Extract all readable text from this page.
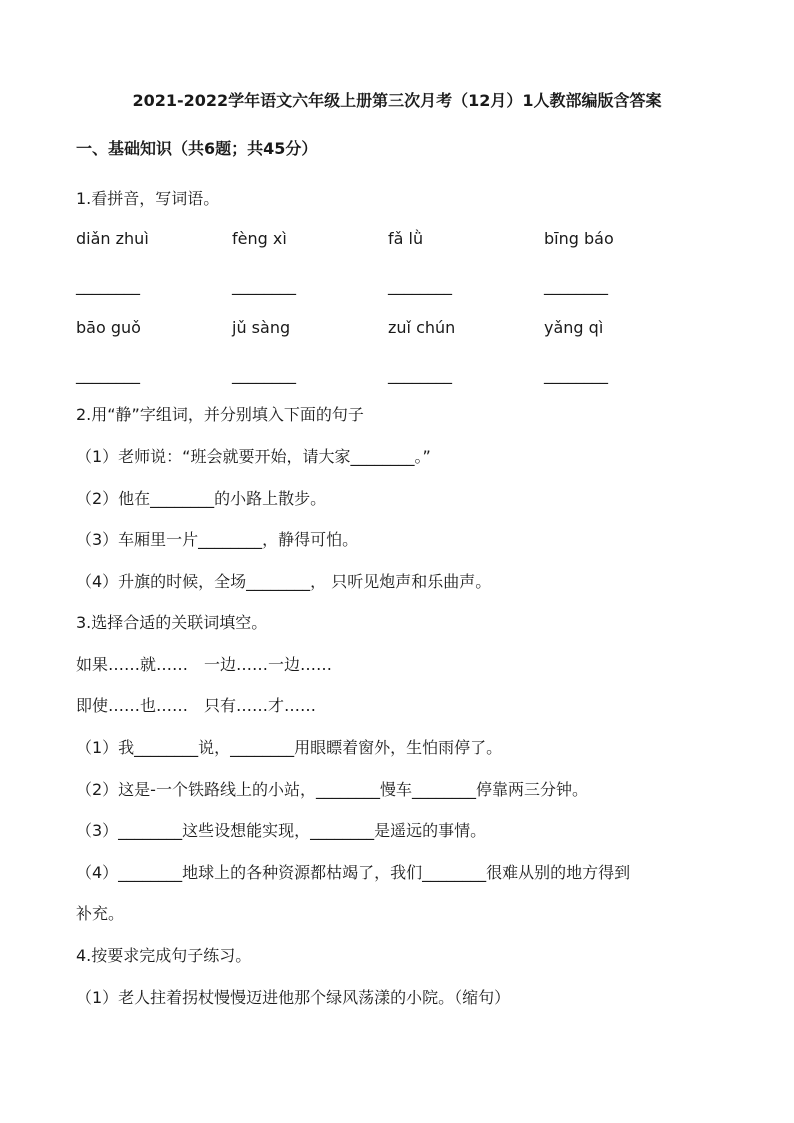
2021-2022学年语文六年级上册第三次月考（12月）1人教部编版含答案
一、基础知识（共6题；共45分）
1.看拼音，写词语。
diǎn zhuì	fèng xì	fǎ lǜ	bīng báo
________	________	________	________
bāo guǒ	jǔ sàng	zuǐ chún	yǎng qì
________	________	________	________
2.用“静”字组词，并分别填入下面的句子
（1）老师说：“班会就要开始，请大家________。”
（2）他在________的小路上散步。
（3）车厢里一片________，静得可怕。
（4）升旗的时候，全场________， 只听见炮声和乐曲声。
3.选择合适的关联词填空。
如果……就……　一边……一边……
即使……也……　只有……才……
（1）我________说，________用眼瞟着窗外，生怕雨停了。
（2）这是-一个铁路线上的小站，________慢车________停靠两三分钟。
（3）________这些设想能实现，________是遥远的事情。
（4）________地球上的各种资源都枯竭了，我们________很难从别的地方得到
补充。
4.按要求完成句子练习。
（1）老人拄着拐杖慢慢迈进他那个绿风荡漾的小院。（缩句）
